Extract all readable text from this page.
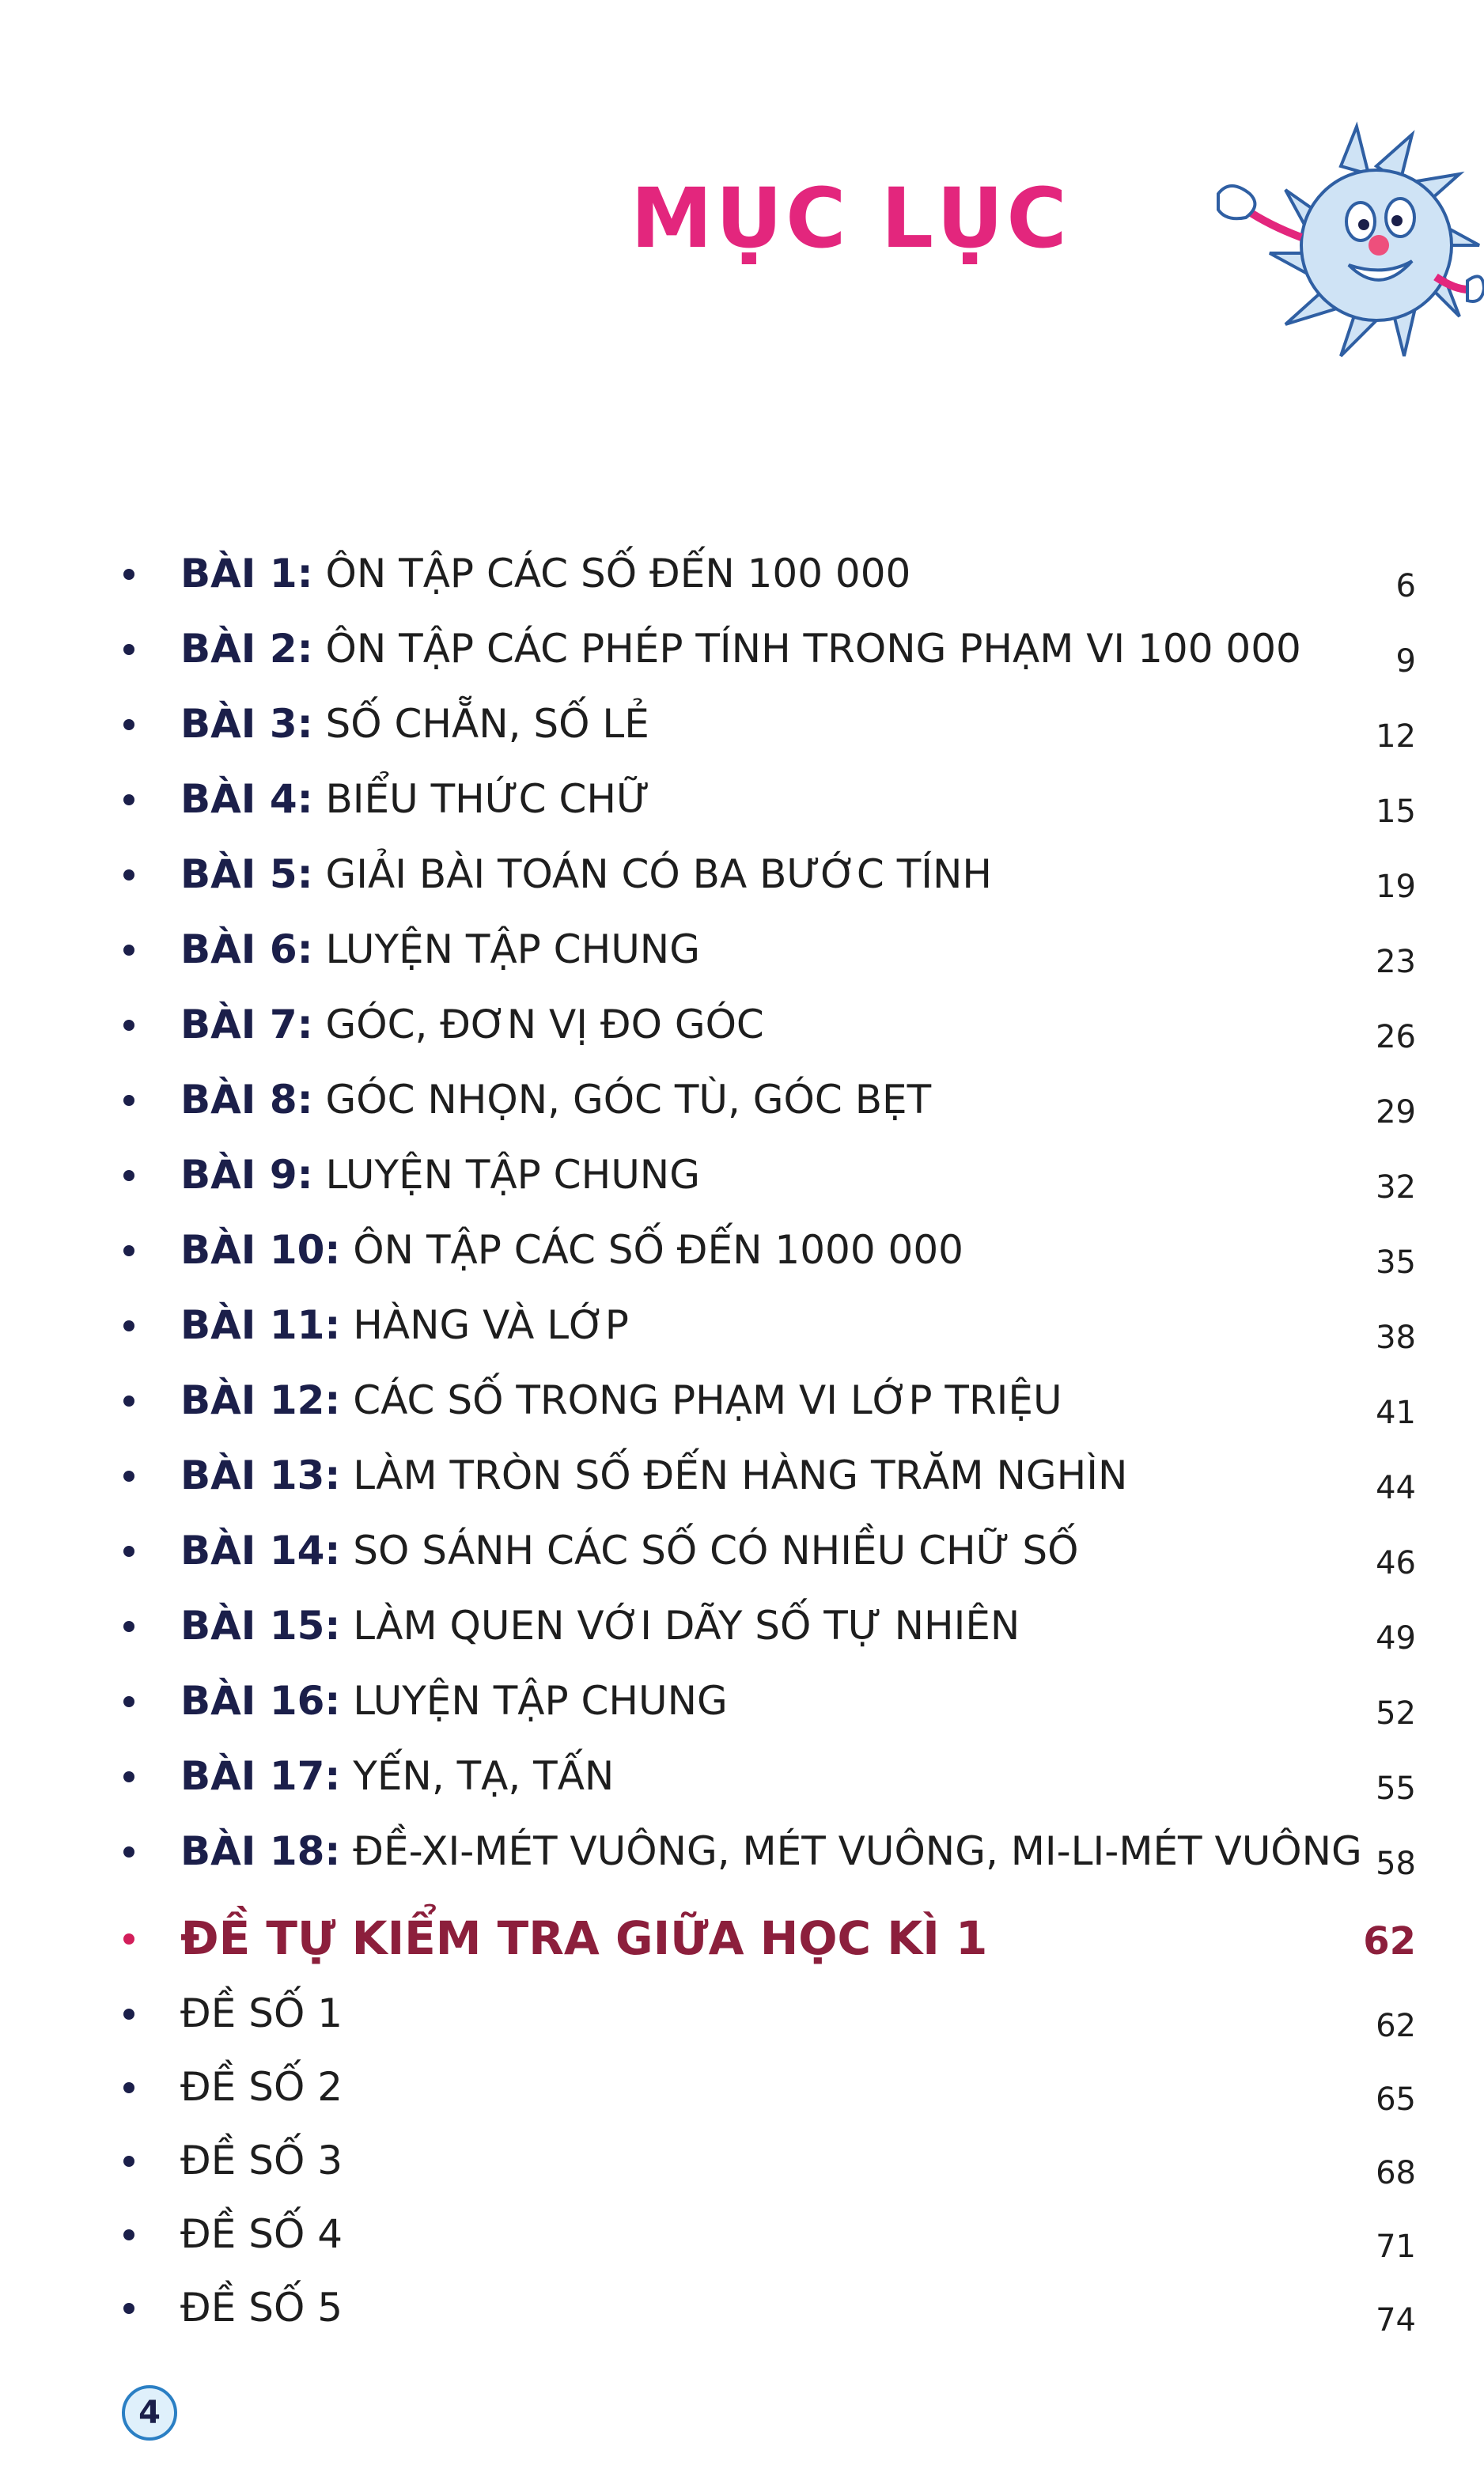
MỤC LỤC
BÀI 1: ÔN TẬP CÁC SỐ ĐẾN 100 000	6
BÀI 2: ÔN TẬP CÁC PHÉP TÍNH TRONG PHẠM VI 100 000	9
BÀI 3: SỐ CHẴN, SỐ LẺ	12
BÀI 4: BIỂU THỨC CHỮ	15
BÀI 5: GIẢI BÀI TOÁN CÓ BA BƯỚC TÍNH	19
BÀI 6: LUYỆN TẬP CHUNG	23
BÀI 7: GÓC, ĐƠN VỊ ĐO GÓC	26
BÀI 8: GÓC NHỌN, GÓC TÙ, GÓC BẸT	29
BÀI 9: LUYỆN TẬP CHUNG	32
BÀI 10: ÔN TẬP CÁC SỐ ĐẾN 1000 000	35
BÀI 11: HÀNG VÀ LỚP	38
BÀI 12: CÁC SỐ TRONG PHẠM VI LỚP TRIỆU	41
BÀI 13: LÀM TRÒN SỐ ĐẾN HÀNG TRĂM NGHÌN	44
BÀI 14: SO SÁNH CÁC SỐ CÓ NHIỀU CHỮ SỐ	46
BÀI 15: LÀM QUEN VỚI DÃY SỐ TỰ NHIÊN	49
BÀI 16: LUYỆN TẬP CHUNG	52
BÀI 17: YẾN, TẠ, TẤN	55
BÀI 18: ĐỀ-XI-MÉT VUÔNG, MÉT VUÔNG, MI-LI-MÉT VUÔNG 58
ĐỀ TỰ KIỂM TRA GIỮA HỌC KÌ 1	62
ĐỀ SỐ 1	62
ĐỀ SỐ 2	65
ĐỀ SỐ 3	68
ĐỀ SỐ 4	71
ĐỀ SỐ 5	74
4
